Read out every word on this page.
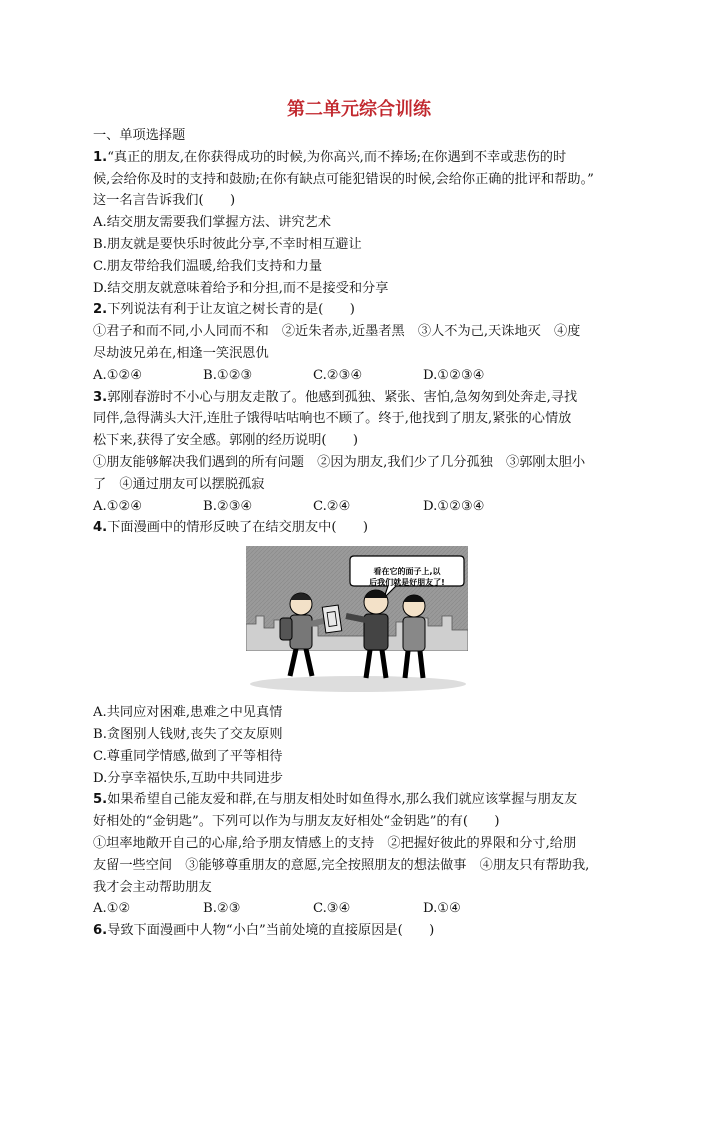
第二单元综合训练
一、单项选择题
1.“真正的朋友,在你获得成功的时候,为你高兴,而不捧场;在你遇到不幸或悲伤的时
候,会给你及时的支持和鼓励;在你有缺点可能犯错误的时候,会给你正确的批评和帮助。”
这一名言告诉我们(　　)
A.结交朋友需要我们掌握方法、讲究艺术
B.朋友就是要快乐时彼此分享,不幸时相互避让
C.朋友带给我们温暖,给我们支持和力量
D.结交朋友就意味着给予和分担,而不是接受和分享
2.下列说法有利于让友谊之树长青的是(　　)
①君子和而不同,小人同而不和　②近朱者赤,近墨者黑　③人不为己,天诛地灭　④度
尽劫波兄弟在,相逢一笑泯恩仇
A.①②④	B.①②③	C.②③④	D.①②③④
3.郭刚春游时不小心与朋友走散了。他感到孤独、紧张、害怕,急匆匆到处奔走,寻找
同伴,急得满头大汗,连肚子饿得咕咕响也不顾了。终于,他找到了朋友,紧张的心情放
松下来,获得了安全感。郭刚的经历说明(　　)
①朋友能够解决我们遇到的所有问题　②因为朋友,我们少了几分孤独　③郭刚太胆小
了　④通过朋友可以摆脱孤寂
A.①②④	B.②③④	C.②④	D.①②③④
4.下面漫画中的情形反映了在结交朋友中(　　)
看在它的面子上,以
后我们就是好朋友了!
A.共同应对困难,患难之中见真情
B.贪图别人钱财,丧失了交友原则
C.尊重同学情感,做到了平等相待
D.分享幸福快乐,互助中共同进步
5.如果希望自己能友爱和群,在与朋友相处时如鱼得水,那么我们就应该掌握与朋友友
好相处的“金钥匙”。下列可以作为与朋友友好相处“金钥匙”的有(　　)
①坦率地敞开自己的心扉,给予朋友情感上的支持　②把握好彼此的界限和分寸,给朋
友留一些空间　③能够尊重朋友的意愿,完全按照朋友的想法做事　④朋友只有帮助我,
我才会主动帮助朋友
A.①②	B.②③	C.③④	D.①④
6.导致下面漫画中人物“小白”当前处境的直接原因是(　　)
